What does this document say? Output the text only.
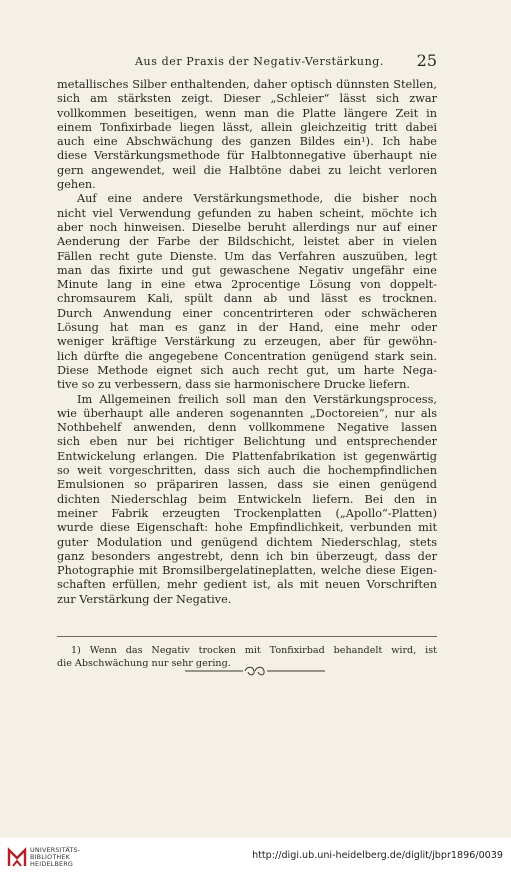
Aus der Praxis der Negativ-Verstärkung. 25
metallisches Silber enthaltenden, daher optisch dünnsten Stellen,
sich am stärksten zeigt. Dieser „Schleier“ lässt sich zwar
vollkommen beseitigen, wenn man die Platte längere Zeit in
einem Tonfixirbade liegen lässt, allein gleichzeitig tritt dabei
auch eine Abschwächung des ganzen Bildes ein¹). Ich habe
diese Verstärkungsmethode für Halbtonnegative überhaupt nie
gern angewendet, weil die Halbtöne dabei zu leicht verloren
gehen.
Auf eine andere Verstärkungsmethode, die bisher noch
nicht viel Verwendung gefunden zu haben scheint, möchte ich
aber noch hinweisen. Dieselbe beruht allerdings nur auf einer
Aenderung der Farbe der Bildschicht, leistet aber in vielen
Fällen recht gute Dienste. Um das Verfahren auszuüben, legt
man das fixirte und gut gewaschene Negativ ungefähr eine
Minute lang in eine etwa 2procentige Lösung von doppelt-
chromsaurem Kali, spült dann ab und lässt es trocknen.
Durch Anwendung einer concentrirteren oder schwächeren
Lösung hat man es ganz in der Hand, eine mehr oder
weniger kräftige Verstärkung zu erzeugen, aber für gewöhn-
lich dürfte die angegebene Concentration genügend stark sein.
Diese Methode eignet sich auch recht gut, um harte Nega-
tive so zu verbessern, dass sie harmonischere Drucke liefern.
Im Allgemeinen freilich soll man den Verstärkungsprocess,
wie überhaupt alle anderen sogenannten „Doctoreien“, nur als
Nothbehelf anwenden, denn vollkommene Negative lassen
sich eben nur bei richtiger Belichtung und entsprechender
Entwickelung erlangen. Die Plattenfabrikation ist gegenwärtig
so weit vorgeschritten, dass sich auch die hochempfindlichen
Emulsionen so präpariren lassen, dass sie einen genügend
dichten Niederschlag beim Entwickeln liefern. Bei den in
meiner Fabrik erzeugten Trockenplatten („Apollo“-Platten)
wurde diese Eigenschaft: hohe Empfindlichkeit, verbunden mit
guter Modulation und genügend dichtem Niederschlag, stets
ganz besonders angestrebt, denn ich bin überzeugt, dass der
Photographie mit Bromsilbergelatineplatten, welche diese Eigen-
schaften erfüllen, mehr gedient ist, als mit neuen Vorschriften
zur Verstärkung der Negative.
1) Wenn das Negativ trocken mit Tonfixirbad behandelt wird, ist
die Abschwächung nur sehr gering.
UNIVERSITÄTS-
BIBLIOTHEK
HEIDELBERG
http://digi.ub.uni-heidelberg.de/diglit/jbpr1896/0039
